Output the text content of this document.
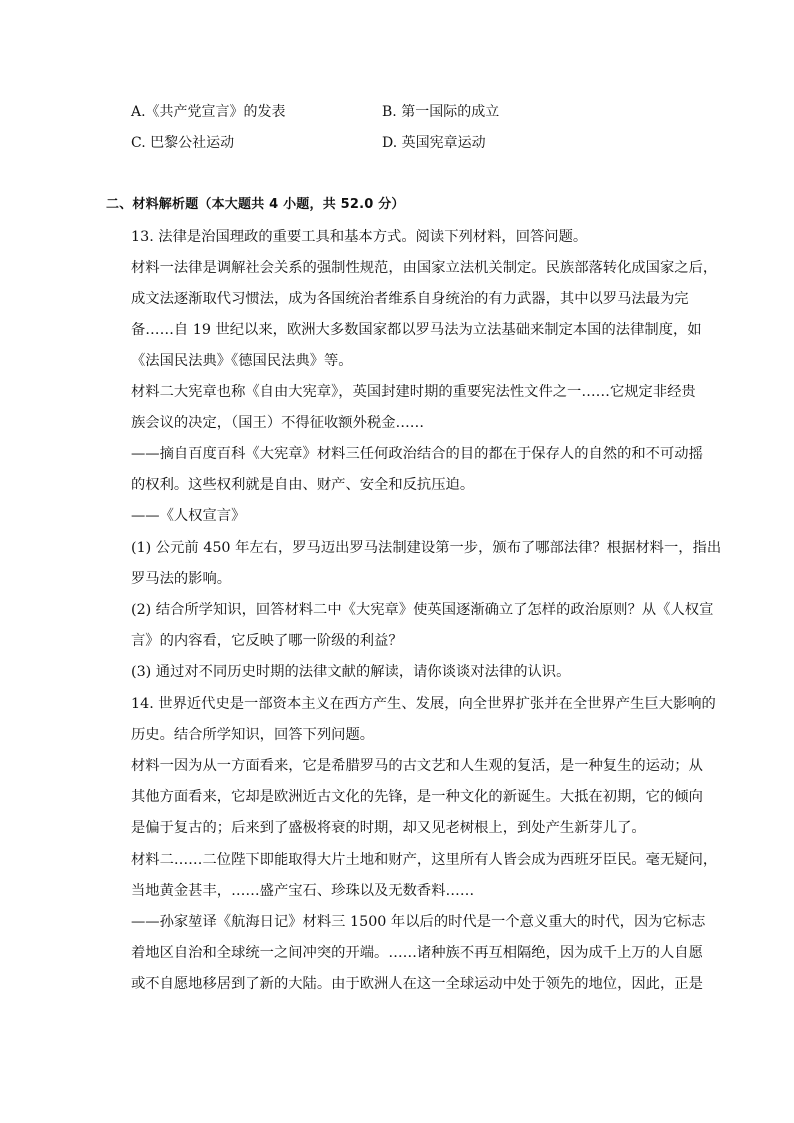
A.《共产党宣言》的发表	B. 第一国际的成立
C. 巴黎公社运动	D. 英国宪章运动
二、材料解析题（本大题共 4 小题，共 52.0 分）
13. 法律是治国理政的重要工具和基本方式。阅读下列材料，回答问题。
材料一法律是调解社会关系的强制性规范，由国家立法机关制定。民族部落转化成国家之后，
成文法逐渐取代习惯法，成为各国统治者维系自身统治的有力武器，其中以罗马法最为完
备……自 19 世纪以来，欧洲大多数国家都以罗马法为立法基础来制定本国的法律制度，如
《法国民法典》《德国民法典》等。
材料二大宪章也称《自由大宪章》，英国封建时期的重要宪法性文件之一……它规定非经贵
族会议的决定，（国王）不得征收额外税金……
——摘自百度百科《大宪章》材料三任何政治结合的目的都在于保存人的自然的和不可动摇
的权利。这些权利就是自由、财产、安全和反抗压迫。
——《人权宣言》
(1) 公元前 450 年左右，罗马迈出罗马法制建设第一步，颁布了哪部法律？根据材料一，指出
罗马法的影响。
(2) 结合所学知识，回答材料二中《大宪章》使英国逐渐确立了怎样的政治原则？从《人权宣
言》的内容看，它反映了哪一阶级的利益？
(3) 通过对不同历史时期的法律文献的解读，请你谈谈对法律的认识。
14. 世界近代史是一部资本主义在西方产生、发展，向全世界扩张并在全世界产生巨大影响的
历史。结合所学知识，回答下列问题。
材料一因为从一方面看来，它是希腊罗马的古文艺和人生观的复活，是一种复生的运动；从
其他方面看来，它却是欧洲近古文化的先锋，是一种文化的新诞生。大抵在初期，它的倾向
是偏于复古的；后来到了盛极将衰的时期，却又见老树根上，到处产生新芽儿了。
材料二……二位陛下即能取得大片土地和财产，这里所有人皆会成为西班牙臣民。毫无疑问，
当地黄金甚丰，……盛产宝石、珍珠以及无数香料……
——孙家堃译《航海日记》材料三 1500 年以后的时代是一个意义重大的时代，因为它标志
着地区自治和全球统一之间冲突的开端。……诸种族不再互相隔绝，因为成千上万的人自愿
或不自愿地移居到了新的大陆。由于欧洲人在这一全球运动中处于领先的地位，因此，正是
